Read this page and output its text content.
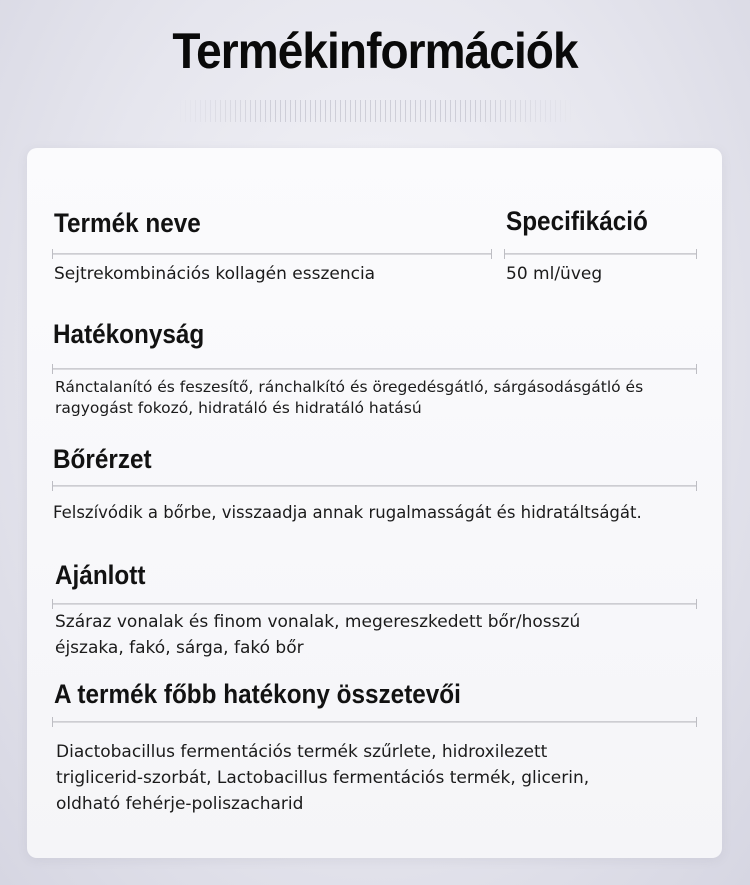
Termékinformációk
Termék neve	Specifikáció

Sejtrekombinációs kollagén esszencia	50 ml/üveg

Hatékonyság

Ránctalanító és feszesítő, ránchalkító és öregedésgátló, sárgásodásgátló és
ragyogást fokozó, hidratáló és hidratáló hatású

Bőrérzet

Felszívódik a bőrbe, visszaadja annak rugalmasságát és hidratáltságát.

Ajánlott

Száraz vonalak és finom vonalak, megereszkedett bőr/hosszú
éjszaka, fakó, sárga, fakó bőr

A termék főbb hatékony összetevői

Diactobacillus fermentációs termék szűrlete, hidroxilezett
triglicerid-szorbát, Lactobacillus fermentációs termék, glicerin,
oldható fehérje-poliszacharid
